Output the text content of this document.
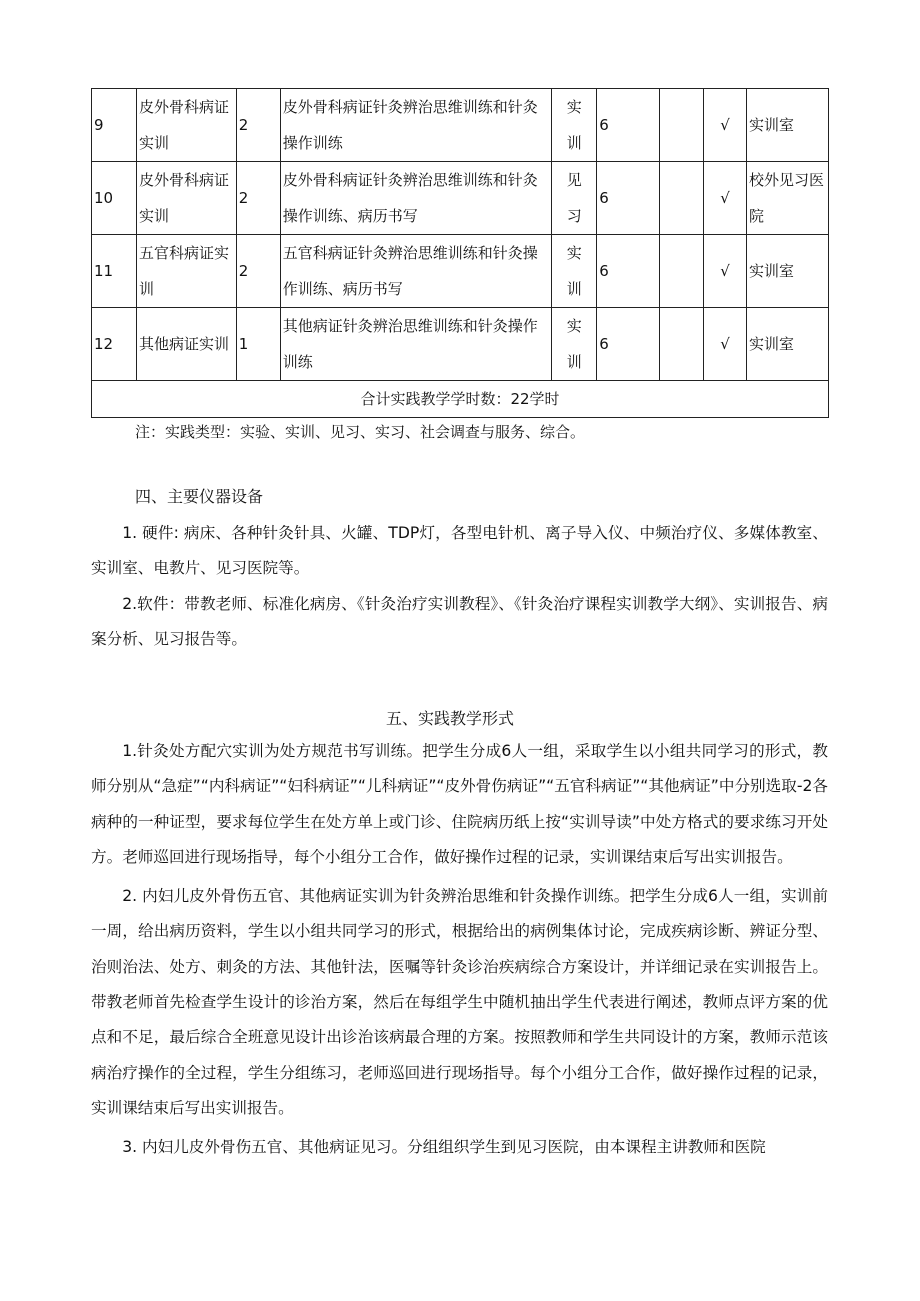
9	皮外骨科病证实训	2	皮外骨科病证针灸辨治思维训练和针灸操作训练	实训	6		√	实训室
10	皮外骨科病证实训	2	皮外骨科病证针灸辨治思维训练和针灸操作训练、病历书写	见习	6		√	校外见习医院
11	五官科病证实训	2	五官科病证针灸辨治思维训练和针灸操作训练、病历书写	实训	6		√	实训室
12	其他病证实训	1	其他病证针灸辨治思维训练和针灸操作训练	实训	6		√	实训室
合计实践教学学时数：22学时								
注：实践类型：实验、实训、见习、实习、社会调查与服务、综合。
四、主要仪器设备

1. 硬件: 病床、各种针灸针具、火罐、TDP灯，各型电针机、离子导入仪、中频治疗仪、多媒体教室、实训室、电教片、见习医院等。

2.软件：带教老师、标准化病房、《针灸治疗实训教程》、《针灸治疗课程实训教学大纲》、实训报告、病案分析、见习报告等。

五、实践教学形式

1.针灸处方配穴实训为处方规范书写训练。把学生分成6人一组，采取学生以小组共同学习的形式，教师分别从“急症”“内科病证”“妇科病证”“儿科病证”“皮外骨伤病证”“五官科病证”“其他病证”中分别选取-2各病种的一种证型，要求每位学生在处方单上或门诊、住院病历纸上按“实训导读”中处方格式的要求练习开处方。老师巡回进行现场指导，每个小组分工合作，做好操作过程的记录，实训课结束后写出实训报告。

2. 内妇儿皮外骨伤五官、其他病证实训为针灸辨治思维和针灸操作训练。把学生分成6人一组，实训前一周，给出病历资料，学生以小组共同学习的形式，根据给出的病例集体讨论，完成疾病诊断、辨证分型、治则治法、处方、刺灸的方法、其他针法，医嘱等针灸诊治疾病综合方案设计，并详细记录在实训报告上。带教老师首先检查学生设计的诊治方案，然后在每组学生中随机抽出学生代表进行阐述，教师点评方案的优点和不足，最后综合全班意见设计出诊治该病最合理的方案。按照教师和学生共同设计的方案，教师示范该病治疗操作的全过程，学生分组练习，老师巡回进行现场指导。每个小组分工合作，做好操作过程的记录，实训课结束后写出实训报告。

3. 内妇儿皮外骨伤五官、其他病证见习。分组组织学生到见习医院，由本课程主讲教师和医院
